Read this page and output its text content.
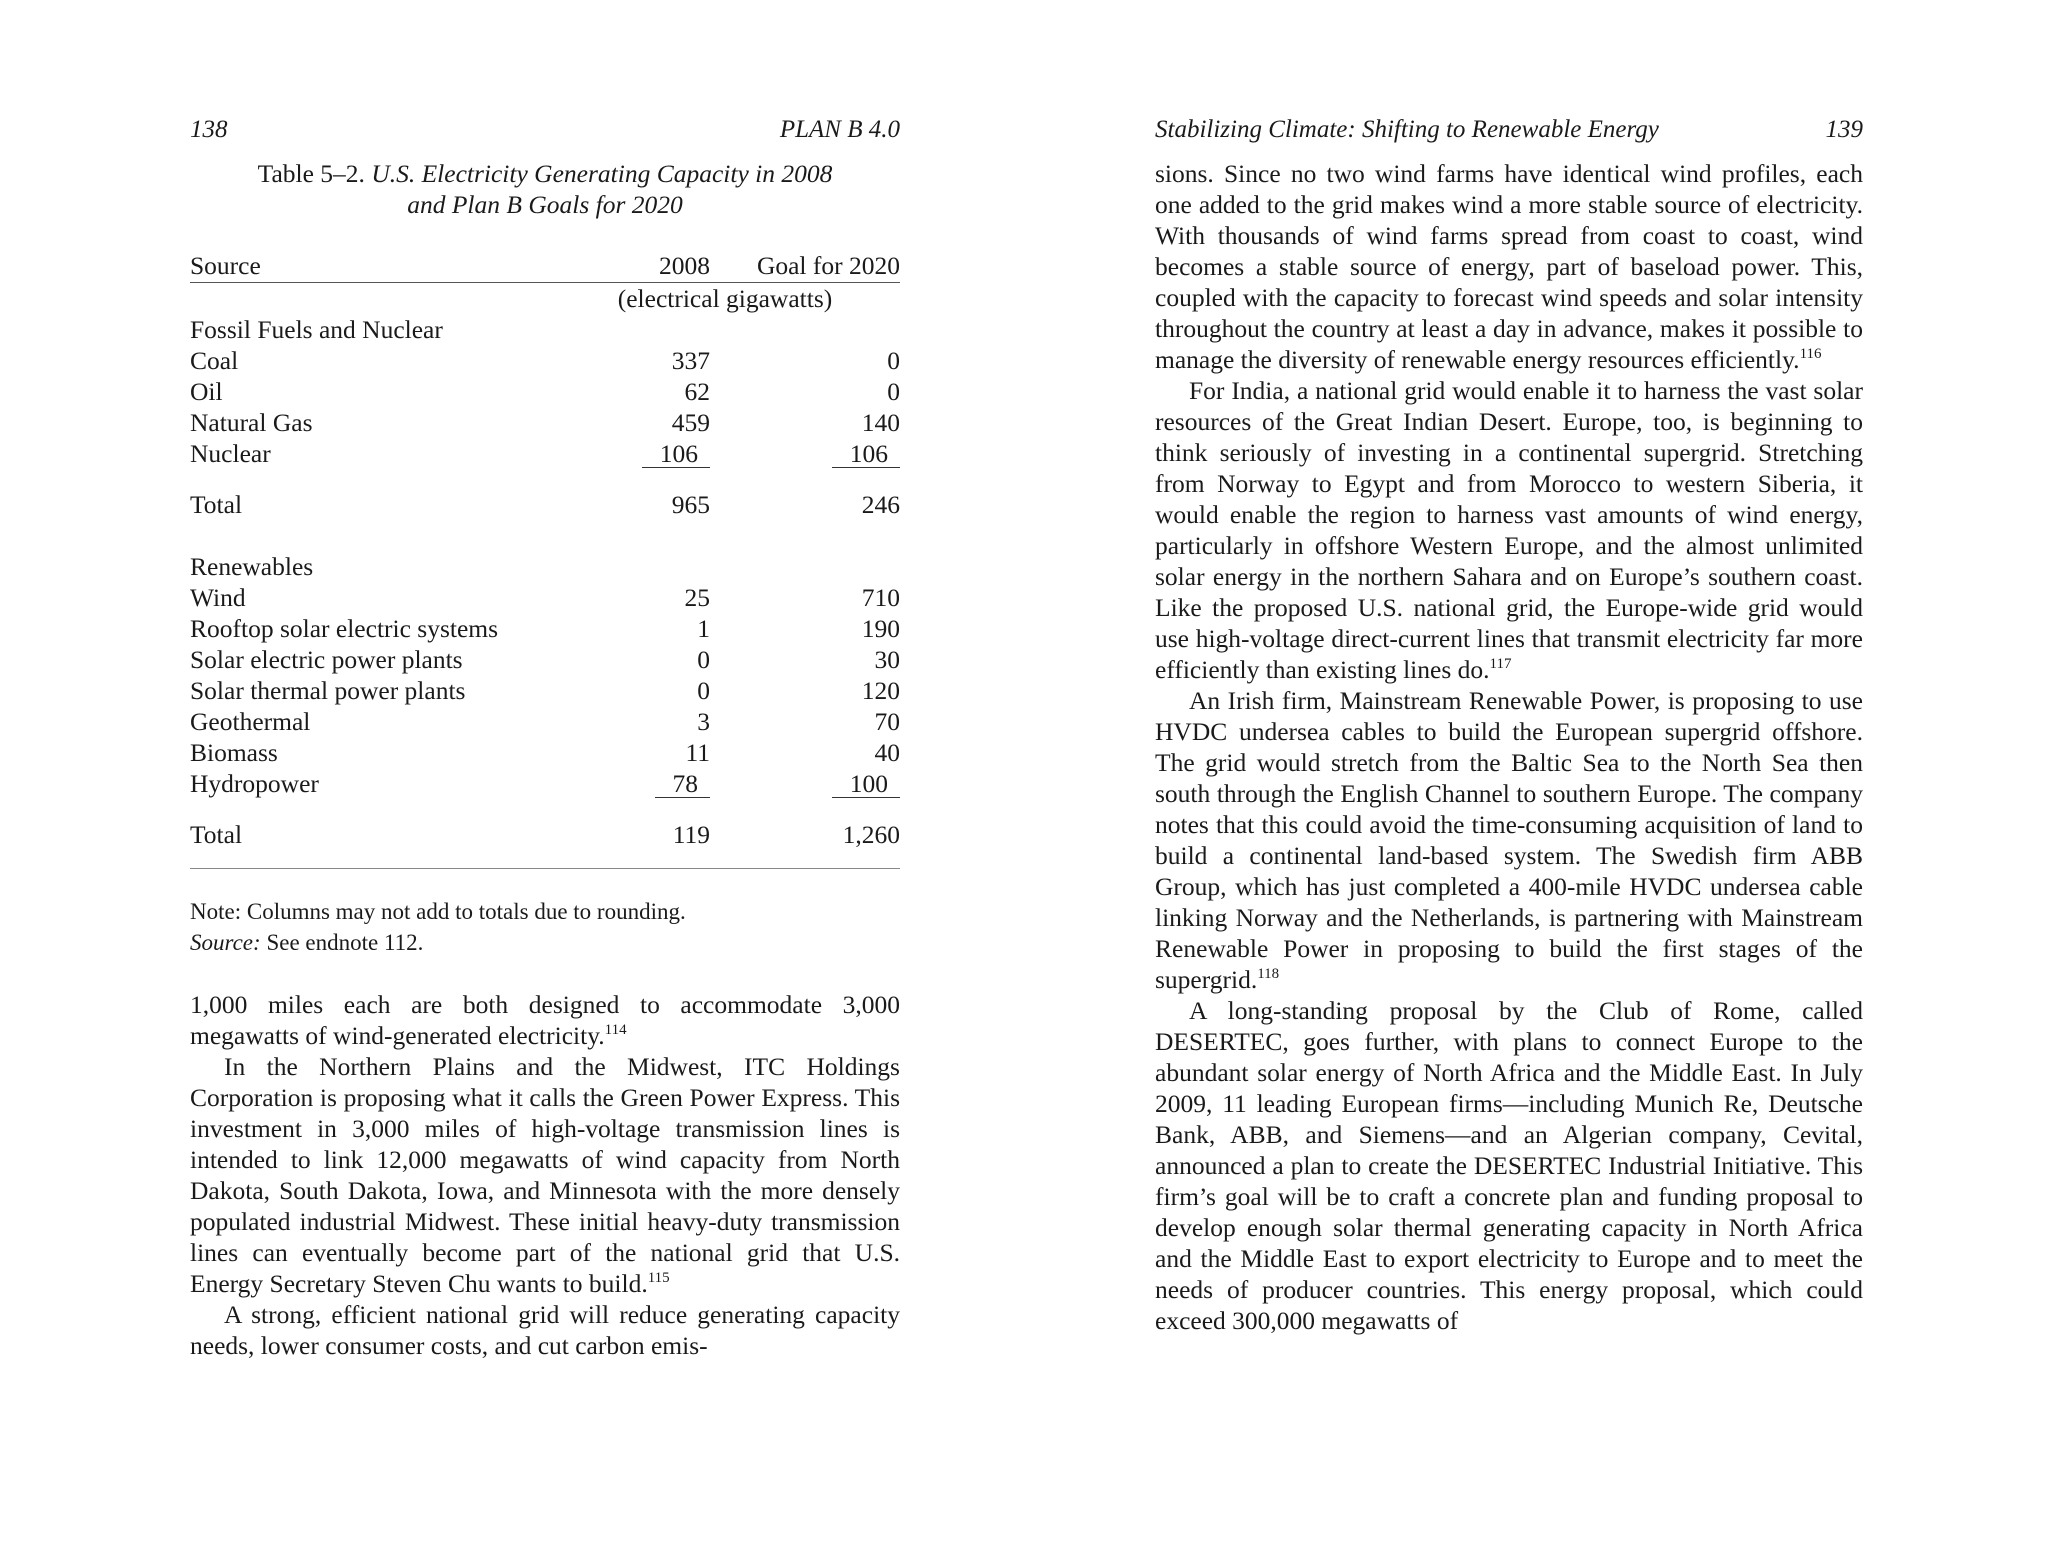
138	PLAN B 4.0
Table 5–2. U.S. Electricity Generating Capacity in 2008
and Plan B Goals for 2020
Source	2008	Goal for 2020
	(electrical gigawatts)	
Fossil Fuels and Nuclear		
Coal	337	0
Oil	62	0
Natural Gas	459	140
Nuclear	106	106

Total	965	246

Renewables		
Wind	25	710
Rooftop solar electric systems	1	190
Solar electric power plants	0	30
Solar thermal power plants	0	120
Geothermal	3	70
Biomass	11	40
Hydropower	78	100

Total	119	1,260

Note: Columns may not add to totals due to rounding.
Source: See endnote 112.

1,000 miles each are both designed to accommodate 3,000 megawatts of wind-generated electricity.$^{114}$

In the Northern Plains and the Midwest, ITC Holdings Corporation is proposing what it calls the Green Power Express. This investment in 3,000 miles of high-voltage transmission lines is intended to link 12,000 megawatts of wind capacity from North Dakota, South Dakota, Iowa, and Minnesota with the more densely populated industrial Midwest. These initial heavy-duty transmission lines can eventually become part of the national grid that U.S. Energy Secretary Steven Chu wants to build.$^{115}$

A strong, efficient national grid will reduce generating capacity needs, lower consumer costs, and cut carbon emis-

Stabilizing Climate: Shifting to Renewable Energy	139

sions. Since no two wind farms have identical wind profiles, each one added to the grid makes wind a more stable source of electricity. With thousands of wind farms spread from coast to coast, wind becomes a stable source of energy, part of baseload power. This, coupled with the capacity to forecast wind speeds and solar intensity throughout the country at least a day in advance, makes it possible to manage the diversity of renewable energy resources efficiently.$^{116}$

For India, a national grid would enable it to harness the vast solar resources of the Great Indian Desert. Europe, too, is beginning to think seriously of investing in a continental supergrid. Stretching from Norway to Egypt and from Morocco to western Siberia, it would enable the region to harness vast amounts of wind energy, particularly in offshore Western Europe, and the almost unlimited solar energy in the northern Sahara and on Europe’s southern coast. Like the proposed U.S. national grid, the Europe-wide grid would use high-voltage direct-current lines that transmit electricity far more efficiently than existing lines do.$^{117}$

An Irish firm, Mainstream Renewable Power, is proposing to use HVDC undersea cables to build the European supergrid offshore. The grid would stretch from the Baltic Sea to the North Sea then south through the English Channel to southern Europe. The company notes that this could avoid the time-consuming acquisition of land to build a continental land-based system. The Swedish firm ABB Group, which has just completed a 400-mile HVDC undersea cable linking Norway and the Netherlands, is partnering with Mainstream Renewable Power in proposing to build the first stages of the supergrid.$^{118}$

A long-standing proposal by the Club of Rome, called DESERTEC, goes further, with plans to connect Europe to the abundant solar energy of North Africa and the Middle East. In July 2009, 11 leading European firms—including Munich Re, Deutsche Bank, ABB, and Siemens—and an Algerian company, Cevital, announced a plan to create the DESERTEC Industrial Initiative. This firm’s goal will be to craft a concrete plan and funding proposal to develop enough solar thermal generating capacity in North Africa and the Middle East to export electricity to Europe and to meet the needs of producer countries. This energy proposal, which could exceed 300,000 megawatts of
